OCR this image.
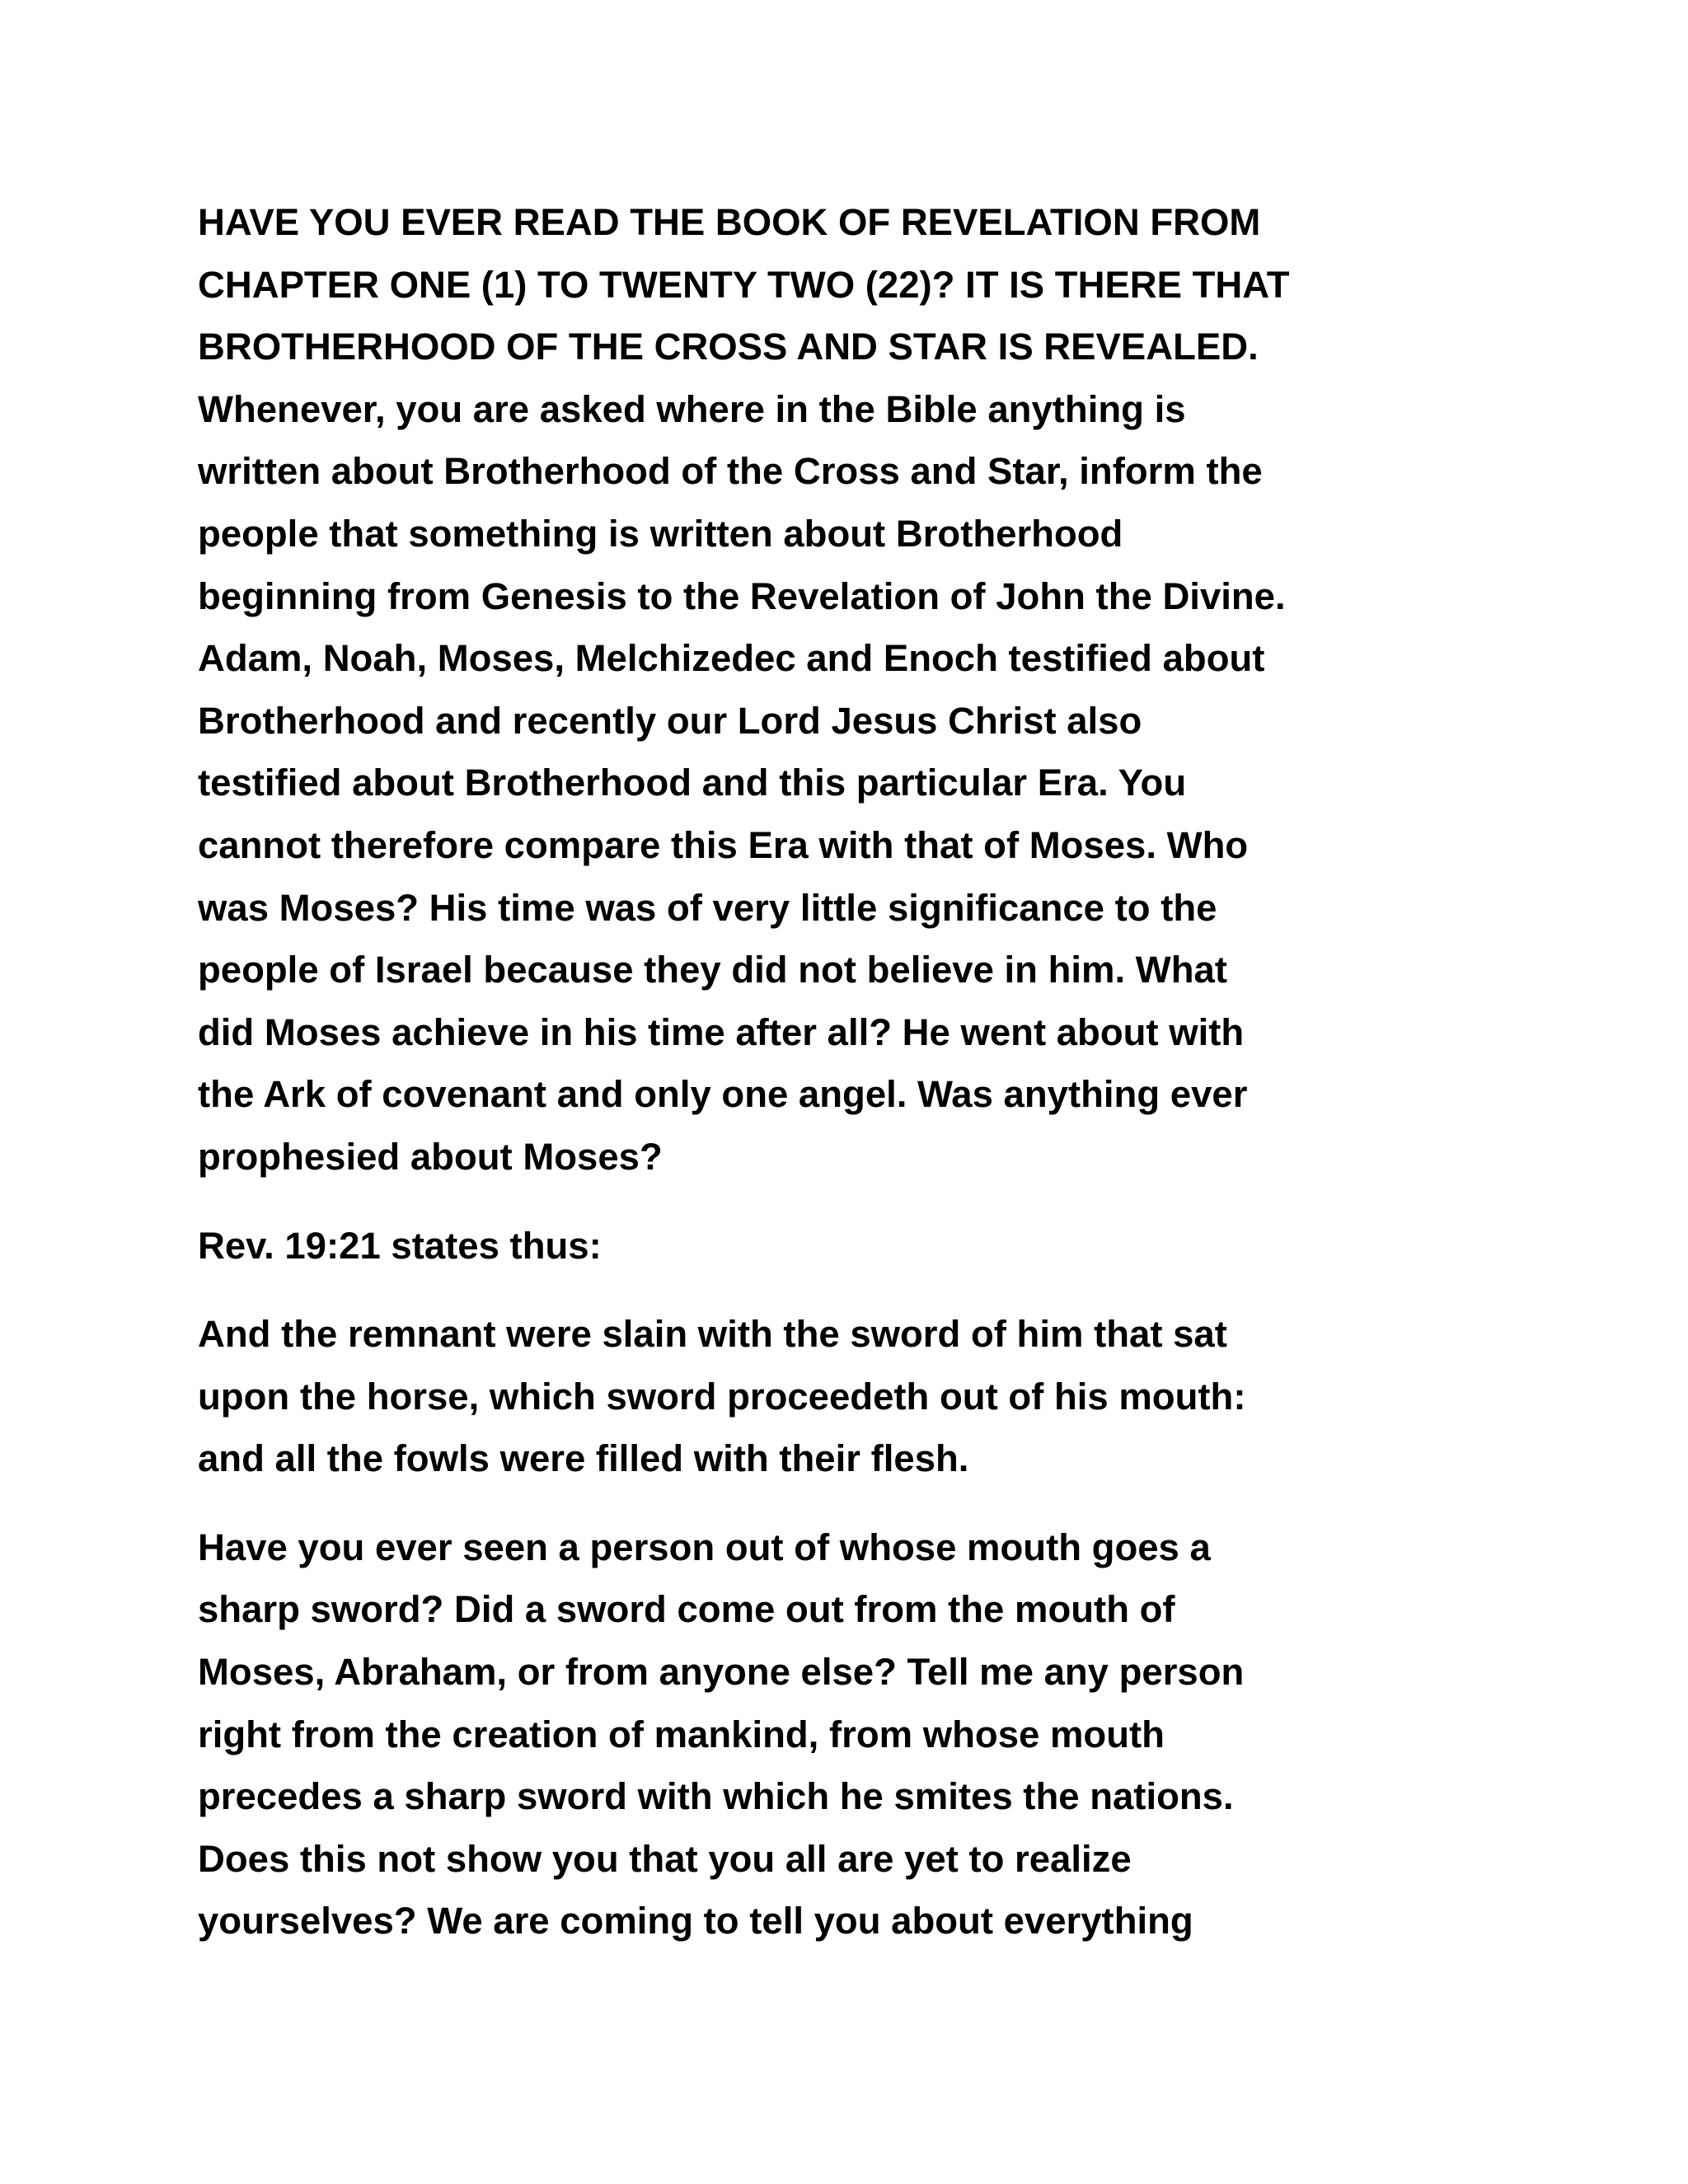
HAVE YOU EVER READ THE BOOK OF REVELATION FROM
CHAPTER ONE (1) TO TWENTY TWO (22)? IT IS THERE THAT
BROTHERHOOD OF THE CROSS AND STAR IS REVEALED.
Whenever, you are asked where in the Bible anything is
written about Brotherhood of the Cross and Star, inform the
people that something is written about Brotherhood
beginning from Genesis to the Revelation of John the Divine.
Adam, Noah, Moses, Melchizedec and Enoch testified about
Brotherhood and recently our Lord Jesus Christ also
testified about Brotherhood and this particular Era. You
cannot therefore compare this Era with that of Moses. Who
was Moses? His time was of very little significance to the
people of Israel because they did not believe in him. What
did Moses achieve in his time after all? He went about with
the Ark of covenant and only one angel. Was anything ever
prophesied about Moses?
Rev. 19:21 states thus:
And the remnant were slain with the sword of him that sat
upon the horse, which sword proceedeth out of his mouth:
and all the fowls were filled with their flesh.
Have you ever seen a person out of whose mouth goes a
sharp sword? Did a sword come out from the mouth of
Moses, Abraham, or from anyone else? Tell me any person
right from the creation of mankind, from whose mouth
precedes a sharp sword with which he smites the nations.
Does this not show you that you all are yet to realize
yourselves? We are coming to tell you about everything
